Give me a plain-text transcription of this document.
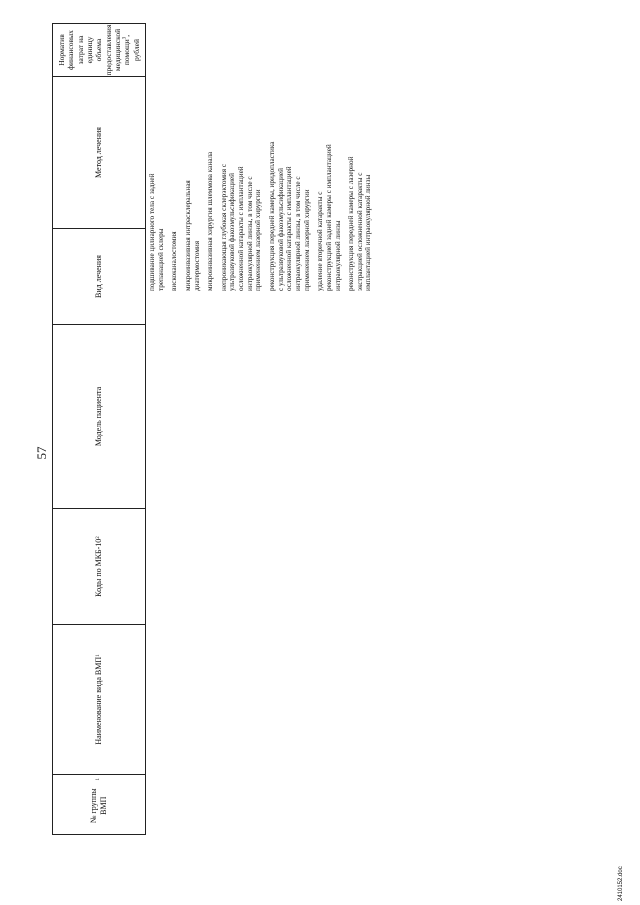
57
№ группы ВМП
1
Наименование вида ВМП
1
Коды по МКБ-10
2
Модель пациента
Вид лечения
Метод лечения
Норматив финансовых затрат на единицу объема предоставления медицинской помощи$^3$, рублей

подшивание цилиарного тела с задней трепанацией склеры вискоканалостомия микроинвазивная интрасклеральная диатермостомия микроинвазивная хирургия шлеммова канала непроникающая глубокая склерэктомия с ультразвуковой факоэмульсификацией осложненной катаракты с имплантацией интраокулярной линзы, в том числе с применением лазерной хирургии реконструкция передней камеры, иридопластика с ультразвуковой факоэмульсификацией осложненной катаракты с имплантацией интраокулярной линзы, в том числе с применением лазерной хирургии удаление вторичной катаракты с реконструкцией задней камеры с имплантацией интраокулярной линзы реконструкция передней камеры с лазерной экстракцией осложненной катаракты с имплантацией интраокулярной линзы

2410152.doc
